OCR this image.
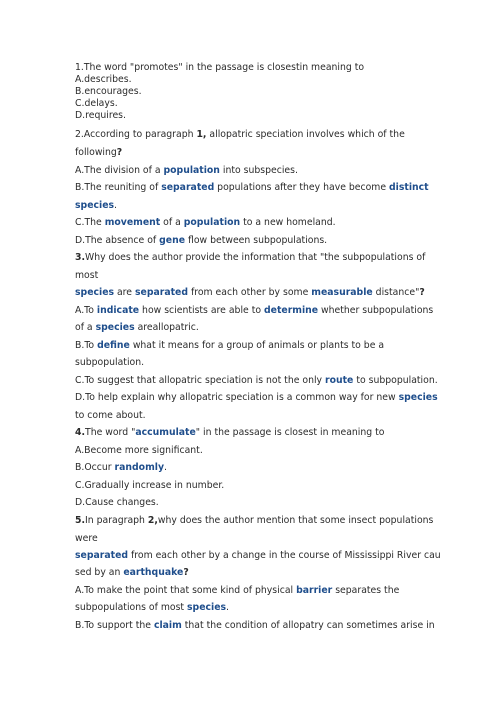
1.The word "promotes" in the passage is closestin meaning to

A.describes.

B.encourages.

C.delays.

D.requires.

2.According to paragraph 1, allopatric speciation involves which of the

following?

A.The division of a population into subspecies.

B.The reuniting of separated populations after they have become distinct

species.

C.The movement of a population to a new homeland.

D.The absence of gene flow between subpopulations.

3.Why does the author provide the information that "the subpopulations of

most

species are separated from each other by some measurable distance"?

A.To indicate how scientists are able to determine whether subpopulations

of a species areallopatric.

B.To define what it means for a group of animals or plants to be a

subpopulation.

C.To suggest that allopatric speciation is not the only route to subpopulation.

D.To help explain why allopatric speciation is a common way for new species

to come about.

4.The word "accumulate" in the passage is closest in meaning to

A.Become more significant.

B.Occur randomly.

C.Gradually increase in number.

D.Cause changes.

5.In paragraph 2,why does the author mention that some insect populations

were

separated from each other by a change in the course of Mississippi River cau

sed by an earthquake?

A.To make the point that some kind of physical barrier separates the

subpopulations of most species.

B.To support the claim that the condition of allopatry can sometimes arise in
